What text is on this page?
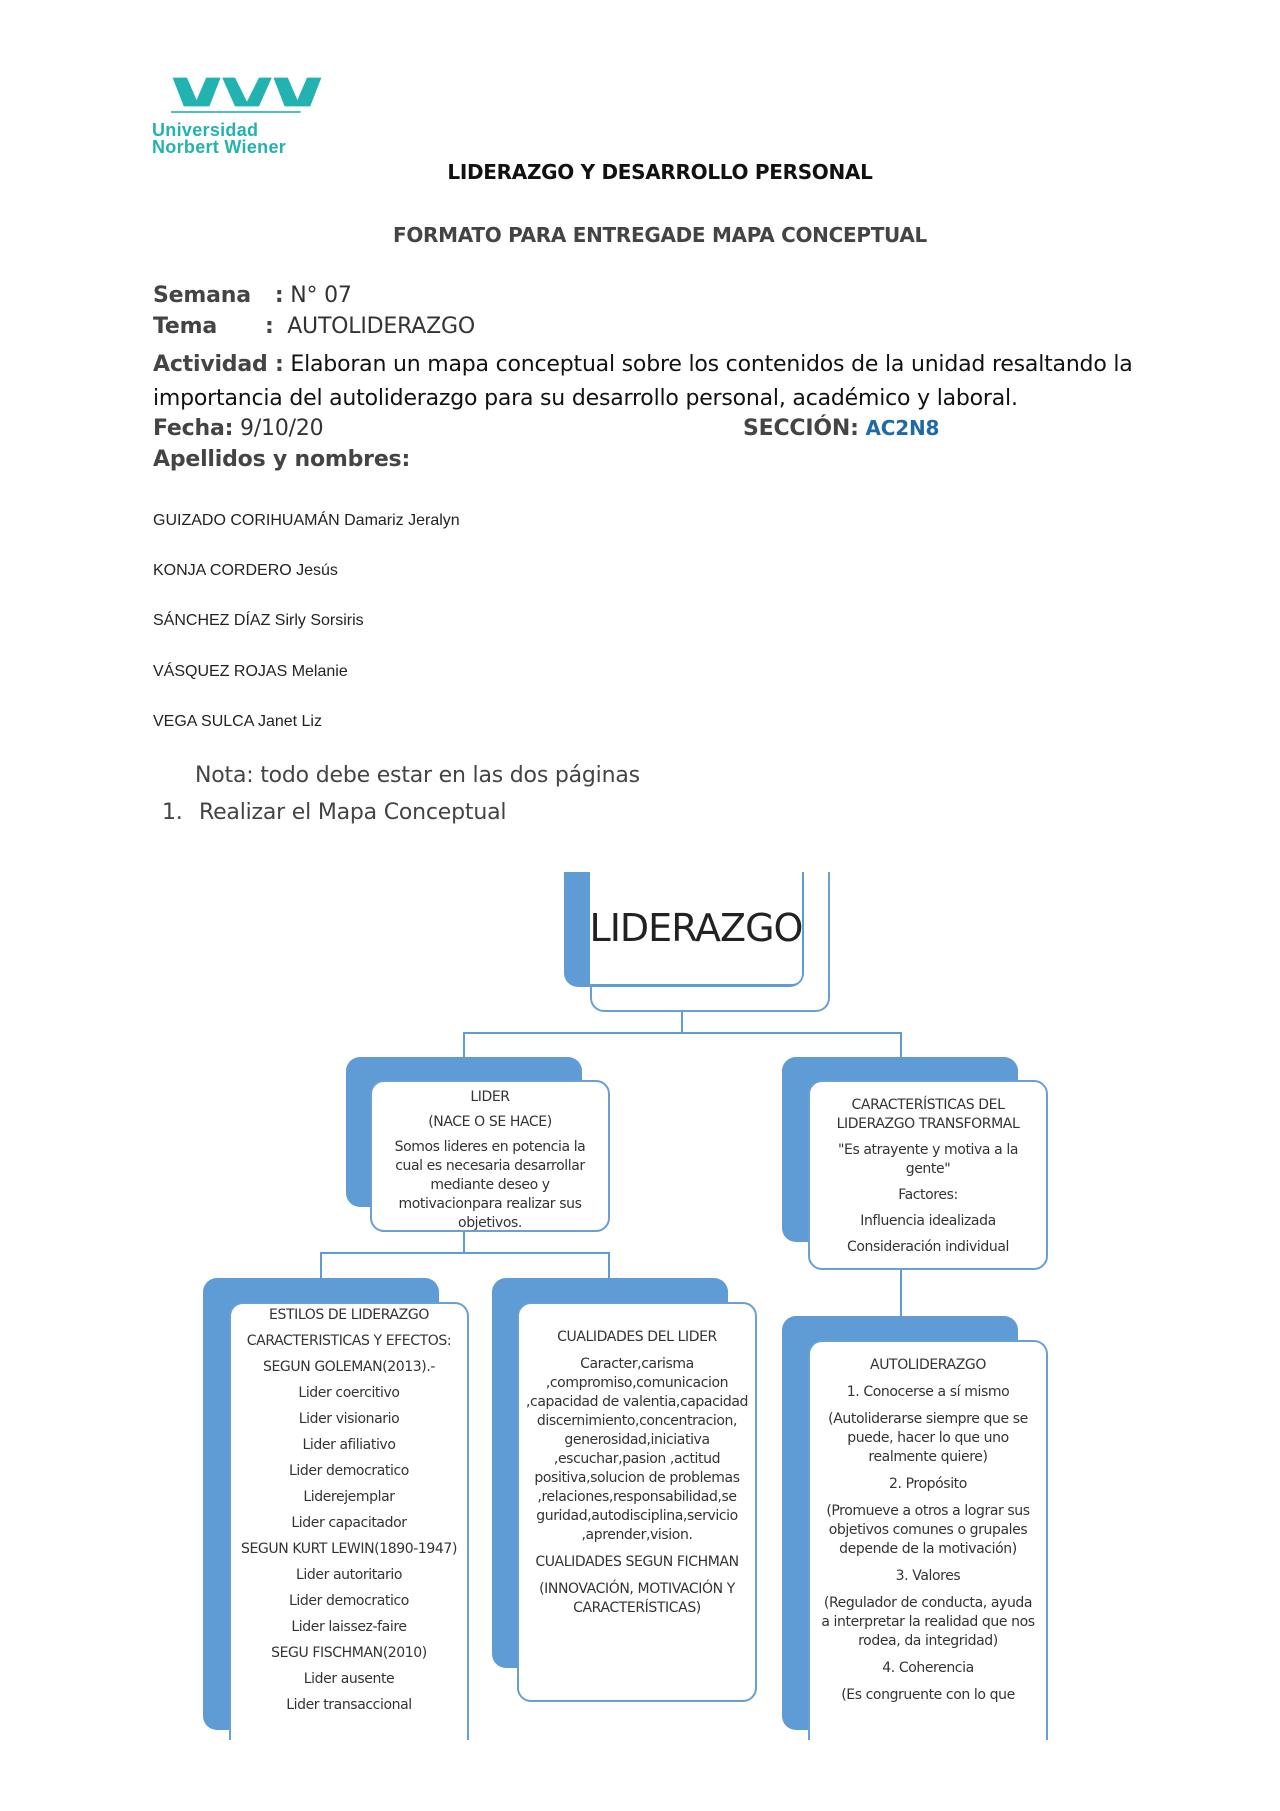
Universidad
Norbert Wiener
LIDERAZGO Y DESARROLLO PERSONAL
FORMATO PARA ENTREGADE MAPA CONCEPTUAL
Semana : N° 07
Tema : AUTOLIDERAZGO
Actividad : Elaboran un mapa conceptual sobre los contenidos de la unidad resaltando la
importancia del autoliderazgo para su desarrollo personal, académico y laboral.
Fecha: 9/10/20	SECCIÓN: AC2N8
Apellidos y nombres:
GUIZADO CORIHUAMÁN Damariz Jeralyn
KONJA CORDERO Jesús
SÁNCHEZ DÍAZ Sirly Sorsiris
VÁSQUEZ ROJAS Melanie
VEGA SULCA Janet Liz
Nota: todo debe estar en las dos páginas
1. Realizar el Mapa Conceptual
LIDERAZGO

LIDER

(NACE O SE HACE)

Somos lideres en potencia la cual es necesaria desarrollar mediante deseo y motivacionpara realizar sus objetivos.

CARACTERÍSTICAS DEL LIDERAZGO TRANSFORMAL

"Es atrayente y motiva a la gente"

Factores:

Influencia idealizada

Consideración individual

ESTILOS DE LIDERAZGO

CARACTERISTICAS Y EFECTOS:

SEGUN GOLEMAN(2013).-

Lider coercitivo

Lider visionario

Lider afiliativo

Lider democratico

Liderejemplar

Lider capacitador

SEGUN KURT LEWIN(1890-1947)

Lider autoritario

Lider democratico

Lider laissez-faire

SEGU FISCHMAN(2010)

Lider ausente

Lider transaccional

CUALIDADES DEL LIDER

Caracter,carisma ,compromiso,comunicacion ,capacidad de valentia,capacidad discernimiento,concentracion, generosidad,iniciativa ,escuchar,pasion ,actitud positiva,solucion de problemas ,relaciones,responsabilidad,se guridad,autodisciplina,servicio ,aprender,vision.

CUALIDADES SEGUN FICHMAN

(INNOVACIÓN, MOTIVACIÓN Y CARACTERÍSTICAS)

AUTOLIDERAZGO

1. Conocerse a sí mismo

(Autoliderarse siempre que se puede, hacer lo que uno realmente quiere)

2. Propósito

(Promueve a otros a lograr sus objetivos comunes o grupales depende de la motivación)

3. Valores

(Regulador de conducta, ayuda a interpretar la realidad que nos rodea, da integridad)

4. Coherencia

(Es congruente con lo que
